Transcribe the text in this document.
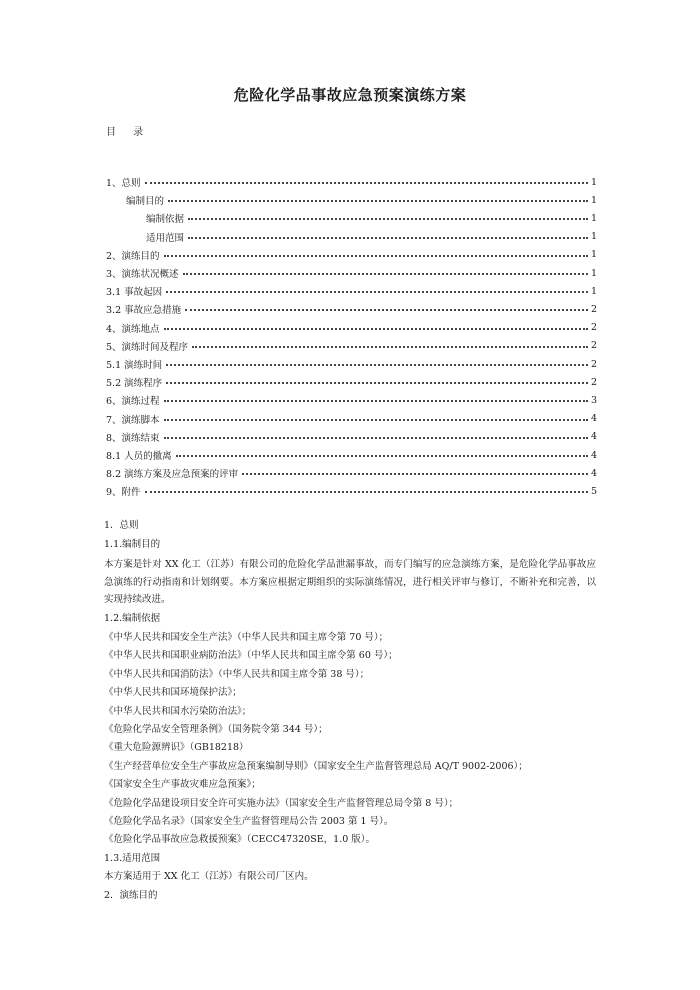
危险化学品事故应急预案演练方案
目 录
1、总则	1
编制目的	1
编制依据	1
适用范围	1
2、演练目的	1
3、演练状况概述	1
3.1 事故起因	1
3.2 事故应急措施	2
4、演练地点	2
5、演练时间及程序	2
5.1 演练时间	2
5.2 演练程序	2
6、演练过程	3
7、演练脚本	4
8、演练结束	4
8.1 人员的撤离	4
8.2 演练方案及应急预案的评审	4
9、附件	5
1．总则
1.1.编制目的
本方案是针对 XX 化工（江苏）有限公司的危险化学品泄漏事故，而专门编写的应急演练方案，是危险化学品事故应急演练的行动指南和计划纲要。本方案应根据定期组织的实际演练情况，进行相关评审与修订，不断补充和完善，以实现持续改进。
1.2.编制依据
《中华人民共和国安全生产法》（中华人民共和国主席令第 70 号）；
《中华人民共和国职业病防治法》（中华人民共和国主席令第 60 号）；
《中华人民共和国消防法》（中华人民共和国主席令第 38 号）；
《中华人民共和国环境保护法》；
《中华人民共和国水污染防治法》；
《危险化学品安全管理条例》（国务院令第 344 号）；
《重大危险源辨识》（GB18218）
《生产经营单位安全生产事故应急预案编制导则》（国家安全生产监督管理总局 AQ/T 9002-2006）；
《国家安全生产事故灾难应急预案》；
《危险化学品建设项目安全许可实施办法》（国家安全生产监督管理总局令第 8 号）；
《危险化学品名录》（国家安全生产监督管理局公告 2003 第 1 号）。
《危险化学品事故应急救援预案》（CECC47320SE，1.0 版）。
1.3.适用范围
本方案适用于 XX 化工（江苏）有限公司厂区内。
2．演练目的
